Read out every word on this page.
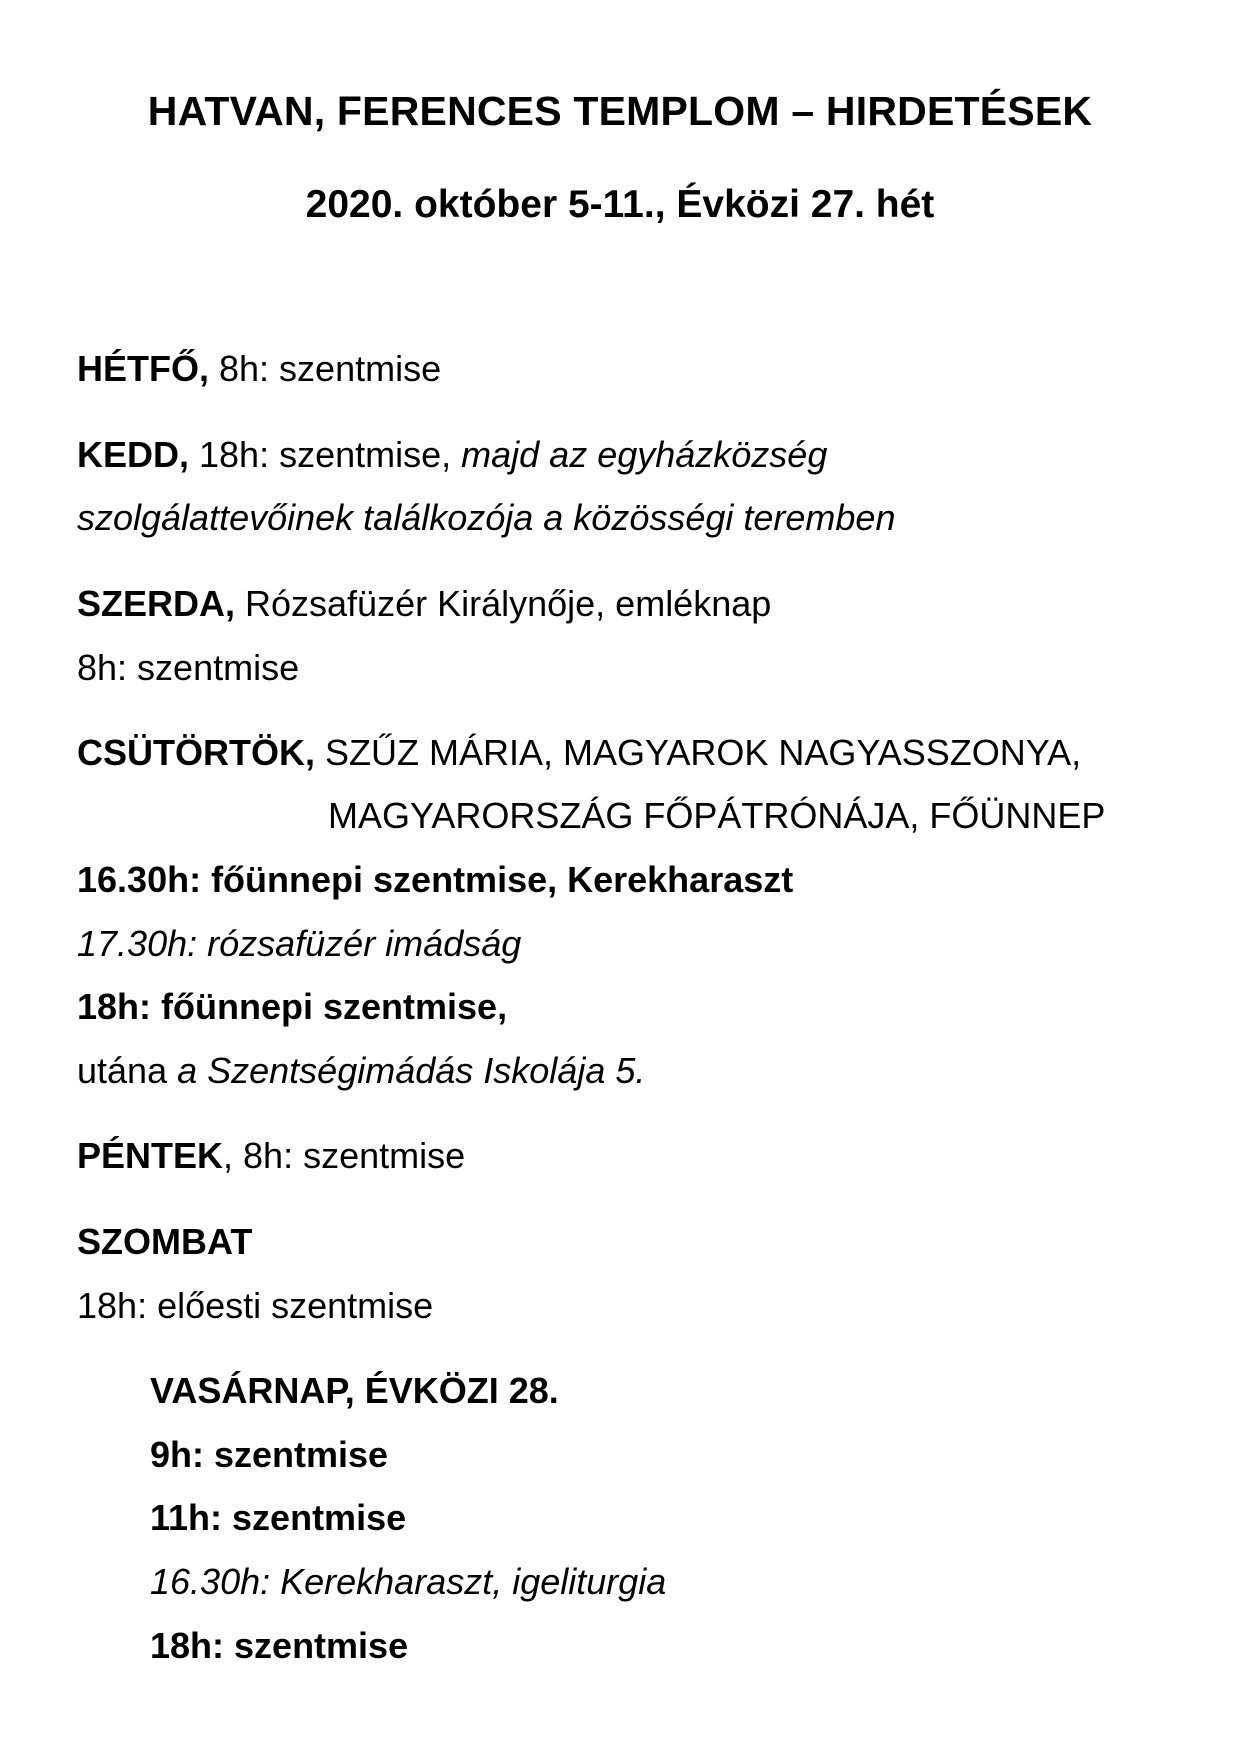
HATVAN, FERENCES TEMPLOM – HIRDETÉSEK
2020. október 5-11., Évközi 27. hét
HÉTFŐ, 8h: szentmise
KEDD, 18h: szentmise, majd az egyházközség
szolgálattevőinek találkozója a közösségi teremben
SZERDA, Rózsafüzér Királynője, emléknap
8h: szentmise
CSÜTÖRTÖK, SZŰZ MÁRIA, MAGYAROK NAGYASSZONYA,
MAGYARORSZÁG FŐPÁTRÓNÁJA, FŐÜNNEP
16.30h: főünnepi szentmise, Kerekharaszt
17.30h: rózsafüzér imádság
18h: főünnepi szentmise,
utána a Szentségimádás Iskolája 5.
PÉNTEK, 8h: szentmise
SZOMBAT
18h: előesti szentmise
VASÁRNAP, ÉVKÖZI 28.
9h: szentmise
11h: szentmise
16.30h: Kerekharaszt, igeliturgia
18h: szentmise
